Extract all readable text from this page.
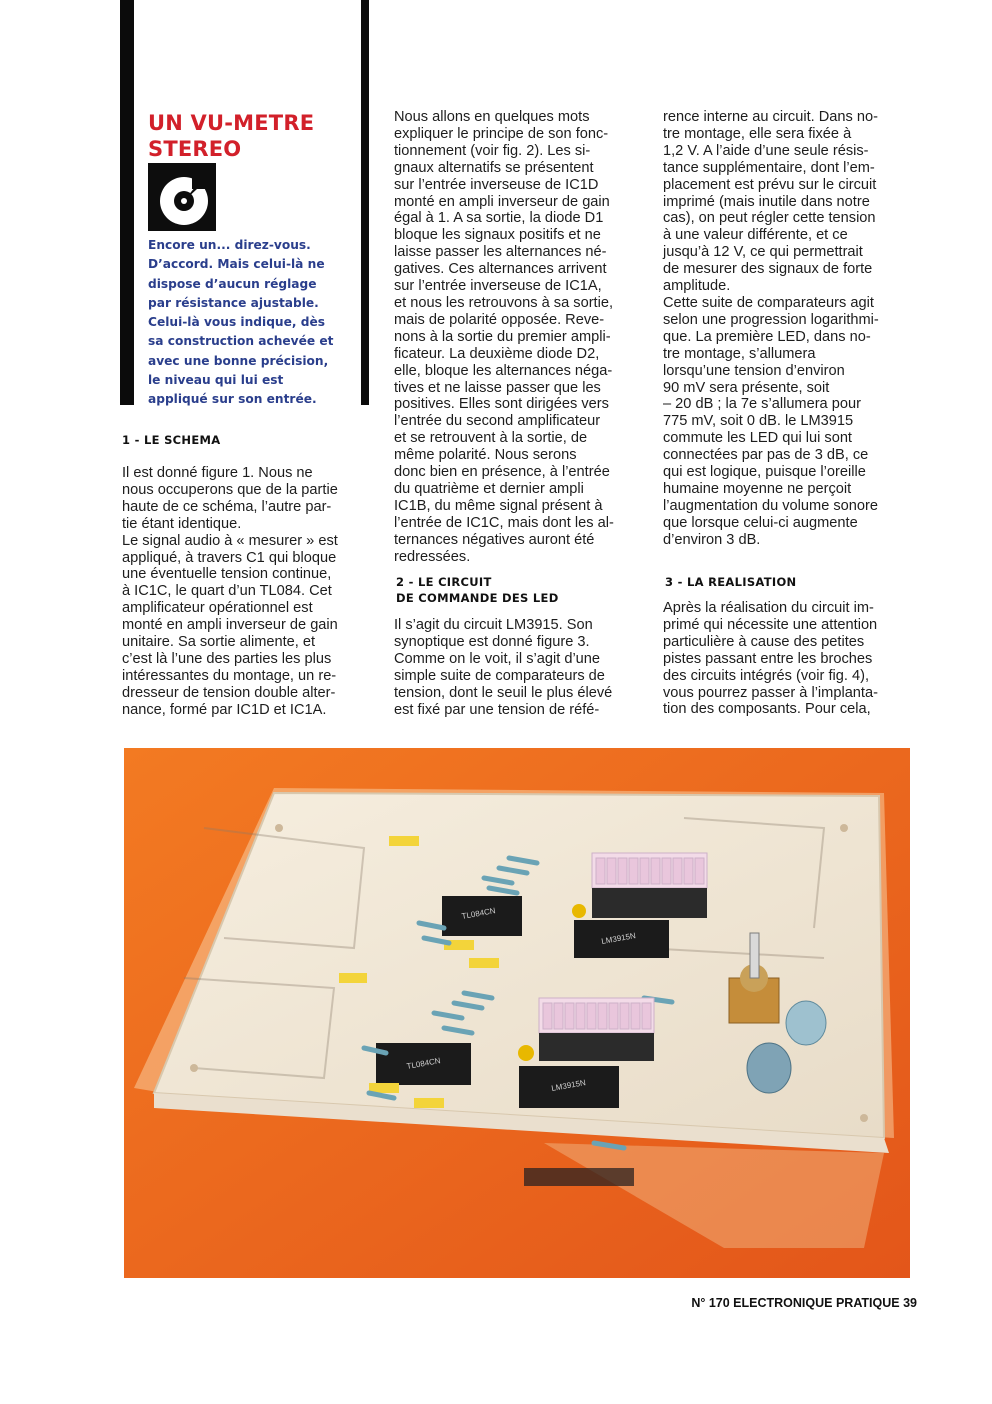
UN VU-METRE
STEREO
Encore un... direz-vous.
D’accord. Mais celui-là ne
dispose d’aucun réglage
par résistance ajustable.
Celui-là vous indique, dès
sa construction achevée et
avec une bonne précision,
le niveau qui lui est
appliqué sur son entrée.
1 - LE SCHEMA
Il est donné figure 1. Nous ne
nous occuperons que de la partie
haute de ce schéma, l’autre par-
tie étant identique.
Le signal audio à « mesurer » est
appliqué, à travers C1 qui bloque
une éventuelle tension continue,
à IC1C, le quart d’un TL084. Cet
amplificateur opérationnel est
monté en ampli inverseur de gain
unitaire. Sa sortie alimente, et
c’est là l’une des parties les plus
intéressantes du montage, un re-
dresseur de tension double alter-
nance, formé par IC1D et IC1A.
Nous allons en quelques mots
expliquer le principe de son fonc-
tionnement (voir fig. 2). Les si-
gnaux alternatifs se présentent
sur l’entrée inverseuse de IC1D
monté en ampli inverseur de gain
égal à 1. A sa sortie, la diode D1
bloque les signaux positifs et ne
laisse passer les alternances né-
gatives. Ces alternances arrivent
sur l’entrée inverseuse de IC1A,
et nous les retrouvons à sa sortie,
mais de polarité opposée. Reve-
nons à la sortie du premier ampli-
ficateur. La deuxième diode D2,
elle, bloque les alternances néga-
tives et ne laisse passer que les
positives. Elles sont dirigées vers
l’entrée du second amplificateur
et se retrouvent à la sortie, de
même polarité. Nous serons
donc bien en présence, à l’entrée
du quatrième et dernier ampli
IC1B, du même signal présent à
l’entrée de IC1C, mais dont les al-
ternances négatives auront été
redressées.
2 - LE CIRCUIT
DE COMMANDE DES LED
Il s’agit du circuit LM3915. Son
synoptique est donné figure 3.
Comme on le voit, il s’agit d’une
simple suite de comparateurs de
tension, dont le seuil le plus élevé
est fixé par une tension de réfé-
rence interne au circuit. Dans no-
tre montage, elle sera fixée à
1,2 V. A l’aide d’une seule résis-
tance supplémentaire, dont l’em-
placement est prévu sur le circuit
imprimé (mais inutile dans notre
cas), on peut régler cette tension
à une valeur différente, et ce
jusqu’à 12 V, ce qui permettrait
de mesurer des signaux de forte
amplitude.
Cette suite de comparateurs agit
selon une progression logarithmi-
que. La première LED, dans no-
tre montage, s’allumera
lorsqu’une tension d’environ
90 mV sera présente, soit
– 20 dB ; la 7e s’allumera pour
775 mV, soit 0 dB. le LM3915
commute les LED qui lui sont
connectées par pas de 3 dB, ce
qui est logique, puisque l’oreille
humaine moyenne ne perçoit
l’augmentation du volume sonore
que lorsque celui-ci augmente
d’environ 3 dB.
3 - LA REALISATION
Après la réalisation du circuit im-
primé qui nécessite une attention
particulière à cause des petites
pistes passant entre les broches
des circuits intégrés (voir fig. 4),
vous pourrez passer à l’implanta-
tion des composants. Pour cela,
TL084CN
LM3915N
LM3915N
TL084CN
N° 170 ELECTRONIQUE PRATIQUE 39
